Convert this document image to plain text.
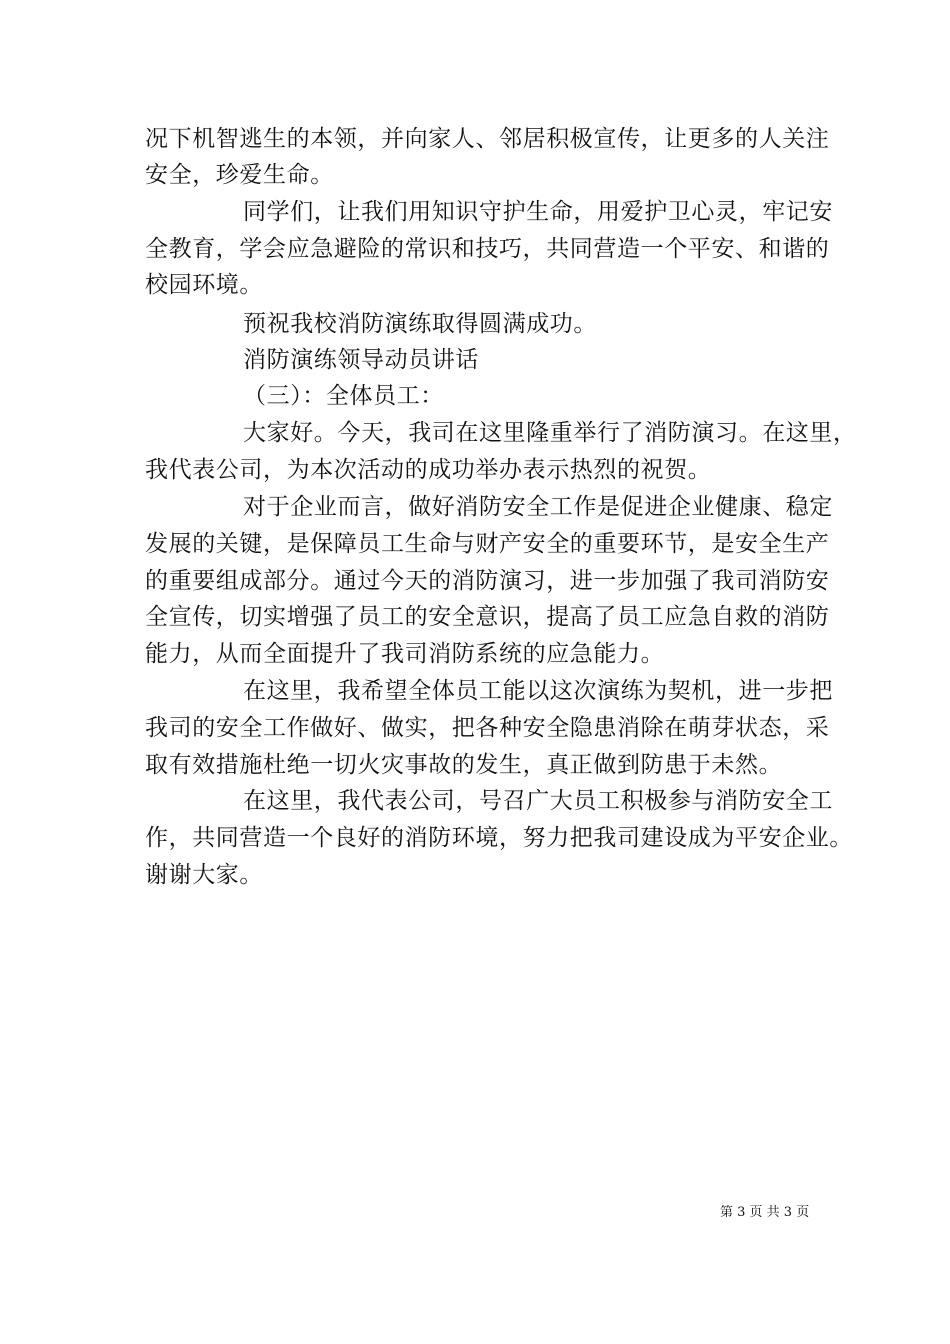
况下机智逃生的本领，并向家人、邻居积极宣传，让更多的人关注
安全，珍爱生命。
同学们，让我们用知识守护生命，用爱护卫心灵，牢记安
全教育，学会应急避险的常识和技巧，共同营造一个平安、和谐的
校园环境。
预祝我校消防演练取得圆满成功。
消防演练领导动员讲话
（三）：全体员工：
大家好。今天，我司在这里隆重举行了消防演习。在这里，
我代表公司，为本次活动的成功举办表示热烈的祝贺。
对于企业而言，做好消防安全工作是促进企业健康、稳定
发展的关键，是保障员工生命与财产安全的重要环节，是安全生产
的重要组成部分。通过今天的消防演习，进一步加强了我司消防安
全宣传，切实增强了员工的安全意识，提高了员工应急自救的消防
能力，从而全面提升了我司消防系统的应急能力。
在这里，我希望全体员工能以这次演练为契机，进一步把
我司的安全工作做好、做实，把各种安全隐患消除在萌芽状态，采
取有效措施杜绝一切火灾事故的发生，真正做到防患于未然。
在这里，我代表公司，号召广大员工积极参与消防安全工
作，共同营造一个良好的消防环境，努力把我司建设成为平安企业。
谢谢大家。
第 3 页 共 3 页
